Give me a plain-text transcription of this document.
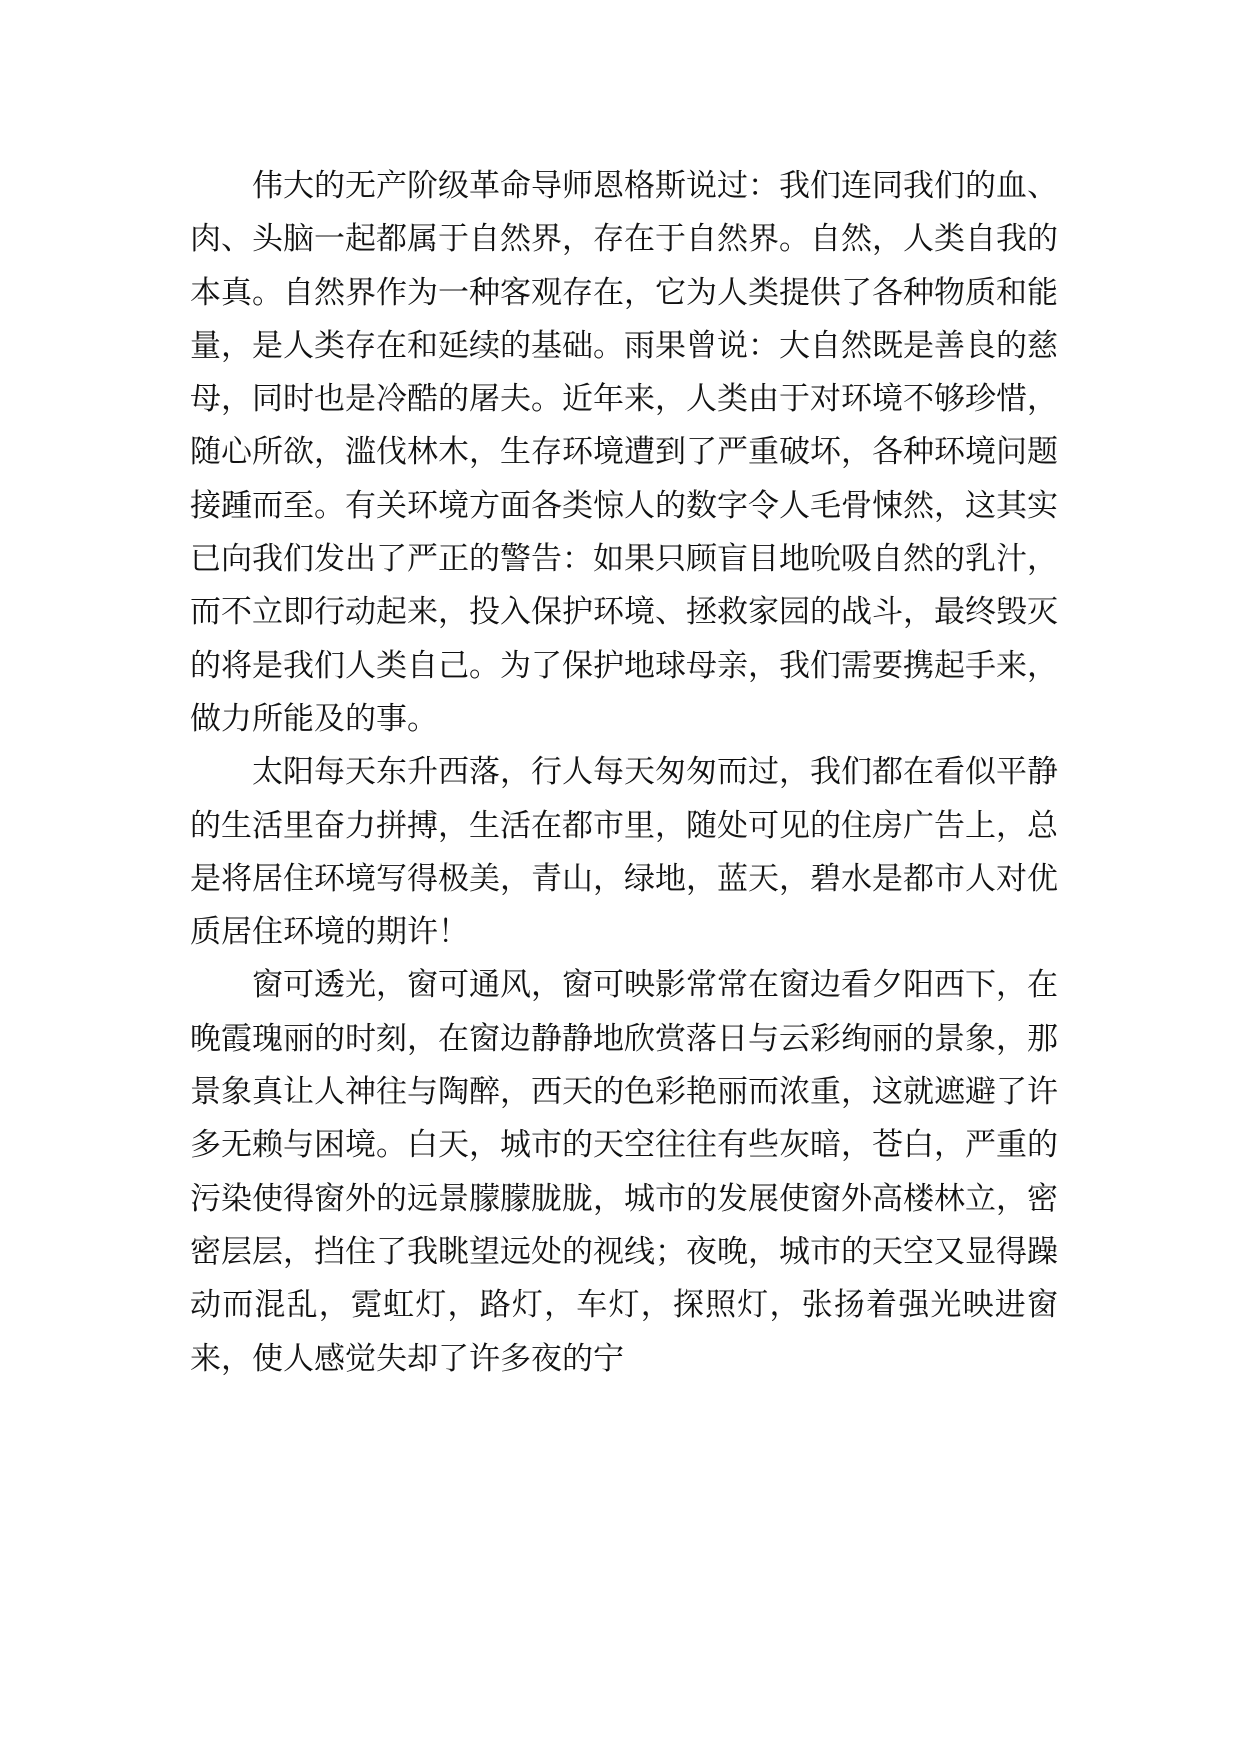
伟大的无产阶级革命导师恩格斯说过：我们连同我们的血、肉、头脑一起都属于自然界，存在于自然界。自然，人类自我的本真。自然界作为一种客观存在，它为人类提供了各种物质和能量，是人类存在和延续的基础。雨果曾说：大自然既是善良的慈母，同时也是冷酷的屠夫。近年来，人类由于对环境不够珍惜，随心所欲，滥伐林木，生存环境遭到了严重破坏，各种环境问题接踵而至。有关环境方面各类惊人的数字令人毛骨悚然，这其实已向我们发出了严正的警告：如果只顾盲目地吮吸自然的乳汁，而不立即行动起来，投入保护环境、拯救家园的战斗，最终毁灭的将是我们人类自己。为了保护地球母亲，我们需要携起手来，做力所能及的事。

太阳每天东升西落，行人每天匆匆而过，我们都在看似平静的生活里奋力拼搏，生活在都市里，随处可见的住房广告上，总是将居住环境写得极美，青山，绿地，蓝天，碧水是都市人对优质居住环境的期许！

窗可透光，窗可通风，窗可映影常常在窗边看夕阳西下，在晚霞瑰丽的时刻，在窗边静静地欣赏落日与云彩绚丽的景象，那景象真让人神往与陶醉，西天的色彩艳丽而浓重，这就遮避了许多无赖与困境。白天，城市的天空往往有些灰暗，苍白，严重的污染使得窗外的远景朦朦胧胧，城市的发展使窗外高楼林立，密密层层，挡住了我眺望远处的视线；夜晚，城市的天空又显得躁动而混乱，霓虹灯，路灯，车灯，探照灯，张扬着强光映进窗来，使人感觉失却了许多夜的宁
